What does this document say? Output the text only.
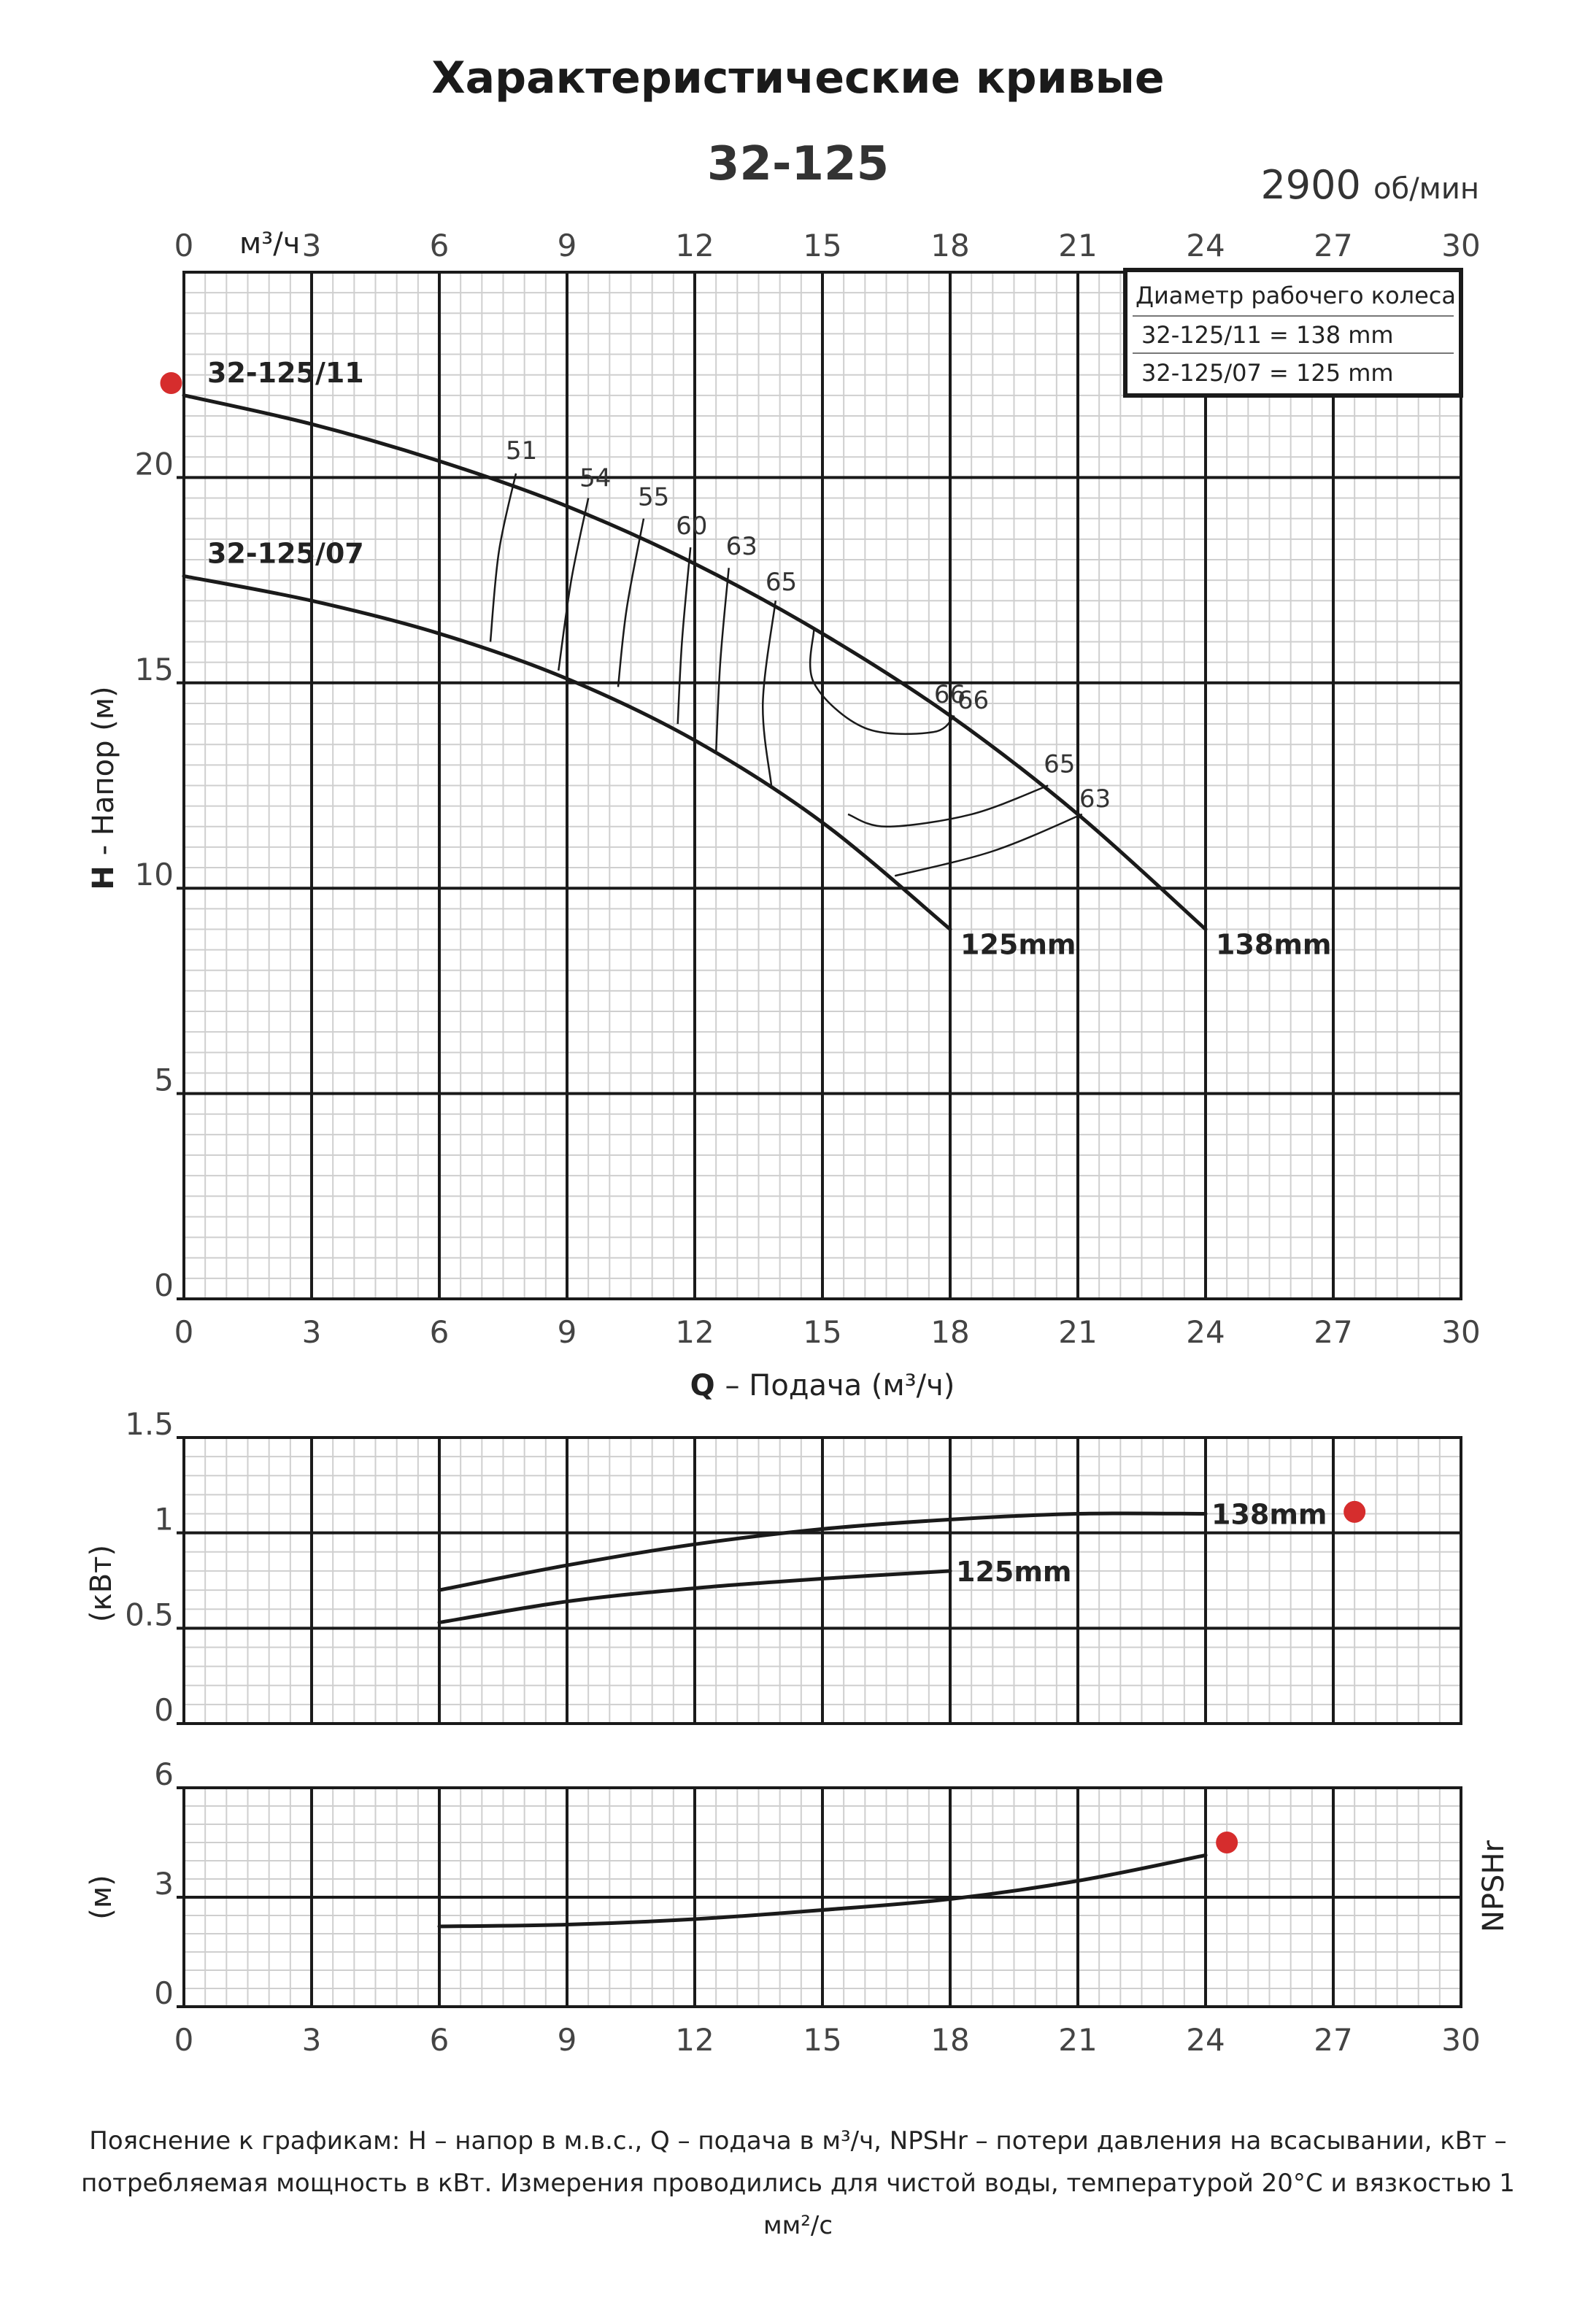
Характеристические кривые
32-125	2900 об/мин
0
5
10
15
20
0	3	6	9	12	15	18	21	24	27	30
м³/ч
0	3	6	9	12	15	18	21	24	27	30
Q – Подача (м³/ч)
H - Напор (м)
51
54
55
60
63
65
66
66
65
63
32-125/11
138mm
32-125/07
125mm
Диаметр рабочего колеса
32-125/11 = 138 mm
32-125/07 = 125 mm
0
0.5
1
1.5
(кВт)
138mm
125mm
0
3
6
0	3	6	9	12	15	18	21	24	27	30
(м)	NPSHr
Пояснение к графикам: H – напор в м.в.с., Q – подача в м³/ч, NPSHr – потери давления на всасывании, кВт – потребляемая мощность в кВт. Измерения проводились для чистой воды, температурой 20°С и вязкостью 1 мм²/с
